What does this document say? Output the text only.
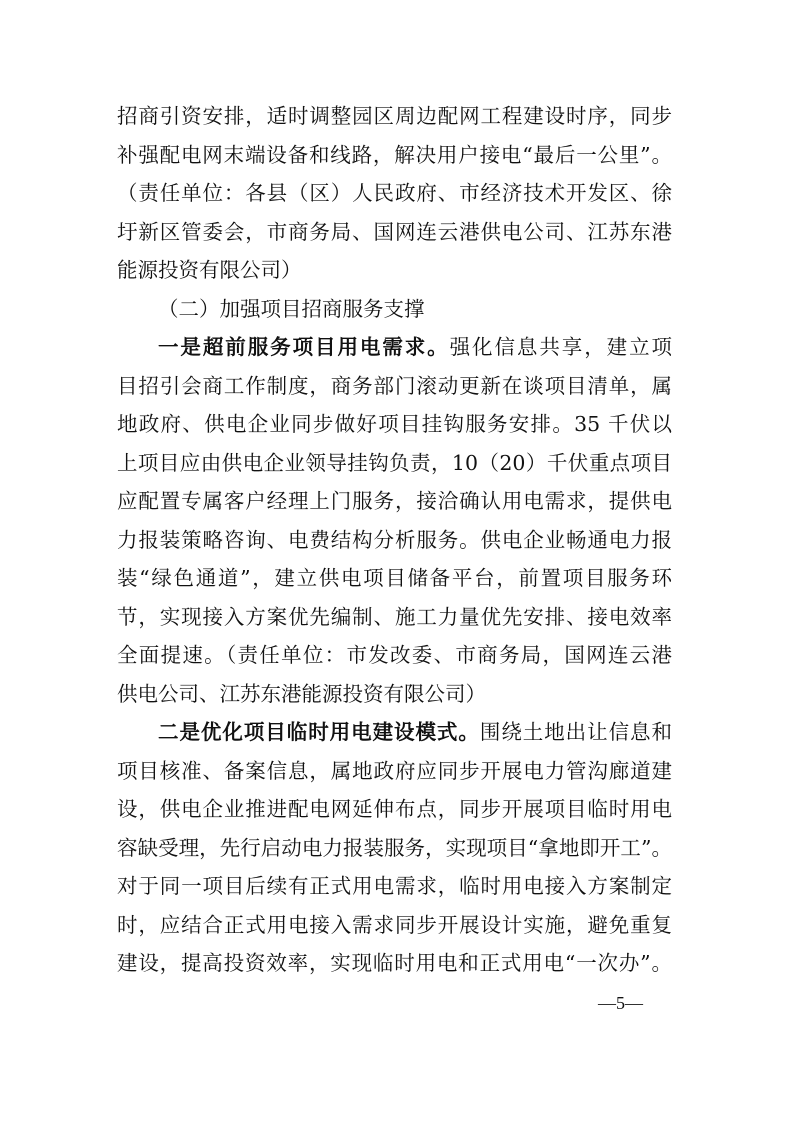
招商引资安排，适时调整园区周边配网工程建设时序，同步
补强配电网末端设备和线路，解决用户接电“最后一公里”。
（责任单位：各县（区）人民政府、市经济技术开发区、徐
圩新区管委会，市商务局、国网连云港供电公司、江苏东港
能源投资有限公司）
（二）加强项目招商服务支撑
一是超前服务项目用电需求。强化信息共享，建立项
目招引会商工作制度，商务部门滚动更新在谈项目清单，属
地政府、供电企业同步做好项目挂钩服务安排。35 千伏以
上项目应由供电企业领导挂钩负责，10（20）千伏重点项目
应配置专属客户经理上门服务，接洽确认用电需求，提供电
力报装策略咨询、电费结构分析服务。供电企业畅通电力报
装“绿色通道”，建立供电项目储备平台，前置项目服务环
节，实现接入方案优先编制、施工力量优先安排、接电效率
全面提速。（责任单位：市发改委、市商务局，国网连云港
供电公司、江苏东港能源投资有限公司）
二是优化项目临时用电建设模式。围绕土地出让信息和
项目核准、备案信息，属地政府应同步开展电力管沟廊道建
设，供电企业推进配电网延伸布点，同步开展项目临时用电
容缺受理，先行启动电力报装服务，实现项目“拿地即开工”。
对于同一项目后续有正式用电需求，临时用电接入方案制定
时，应结合正式用电接入需求同步开展设计实施，避免重复
建设，提高投资效率，实现临时用电和正式用电“一次办”。
—5—
